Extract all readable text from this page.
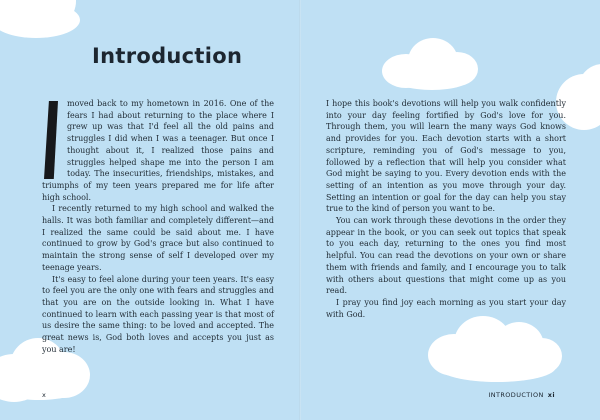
Introduction

moved back to my hometown in 2016. One of the fears I had about returning to the place where I grew up was that I'd feel all the old pains and struggles I did when I was a teenager. But once I thought about it, I realized those pains and struggles helped shape me into the person I am today. The insecurities, friendships, mistakes, and triumphs of my teen years prepared me for life after high school.

I recently returned to my high school and walked the halls. It was both familiar and completely different—and I realized the same could be said about me. I have continued to grow by God's grace but also continued to maintain the strong sense of self I developed over my teenage years.

It's easy to feel alone during your teen years. It's easy to feel you are the only one with fears and struggles and that you are on the outside looking in. What I have continued to learn with each passing year is that most of us desire the same thing: to be loved and accepted. The great news is, God both loves and accepts you just as you are!

I hope this book's devotions will help you walk confidently into your day feeling fortified by God's love for you. Through them, you will learn the many ways God knows and provides for you. Each devotion starts with a short scripture, reminding you of God's message to you, followed by a reflection that will help you consider what God might be saying to you. Every devotion ends with the setting of an intention as you move through your day. Setting an intention or goal for the day can help you stay true to the kind of person you want to be.

You can work through these devotions in the order they appear in the book, or you can seek out topics that speak to you each day, returning to the ones you find most helpful. You can read the devotions on your own or share them with friends and family, and I encourage you to talk with others about questions that might come up as you read.

I pray you find joy each morning as you start your day with God.

x	INTRODUCTION xi
